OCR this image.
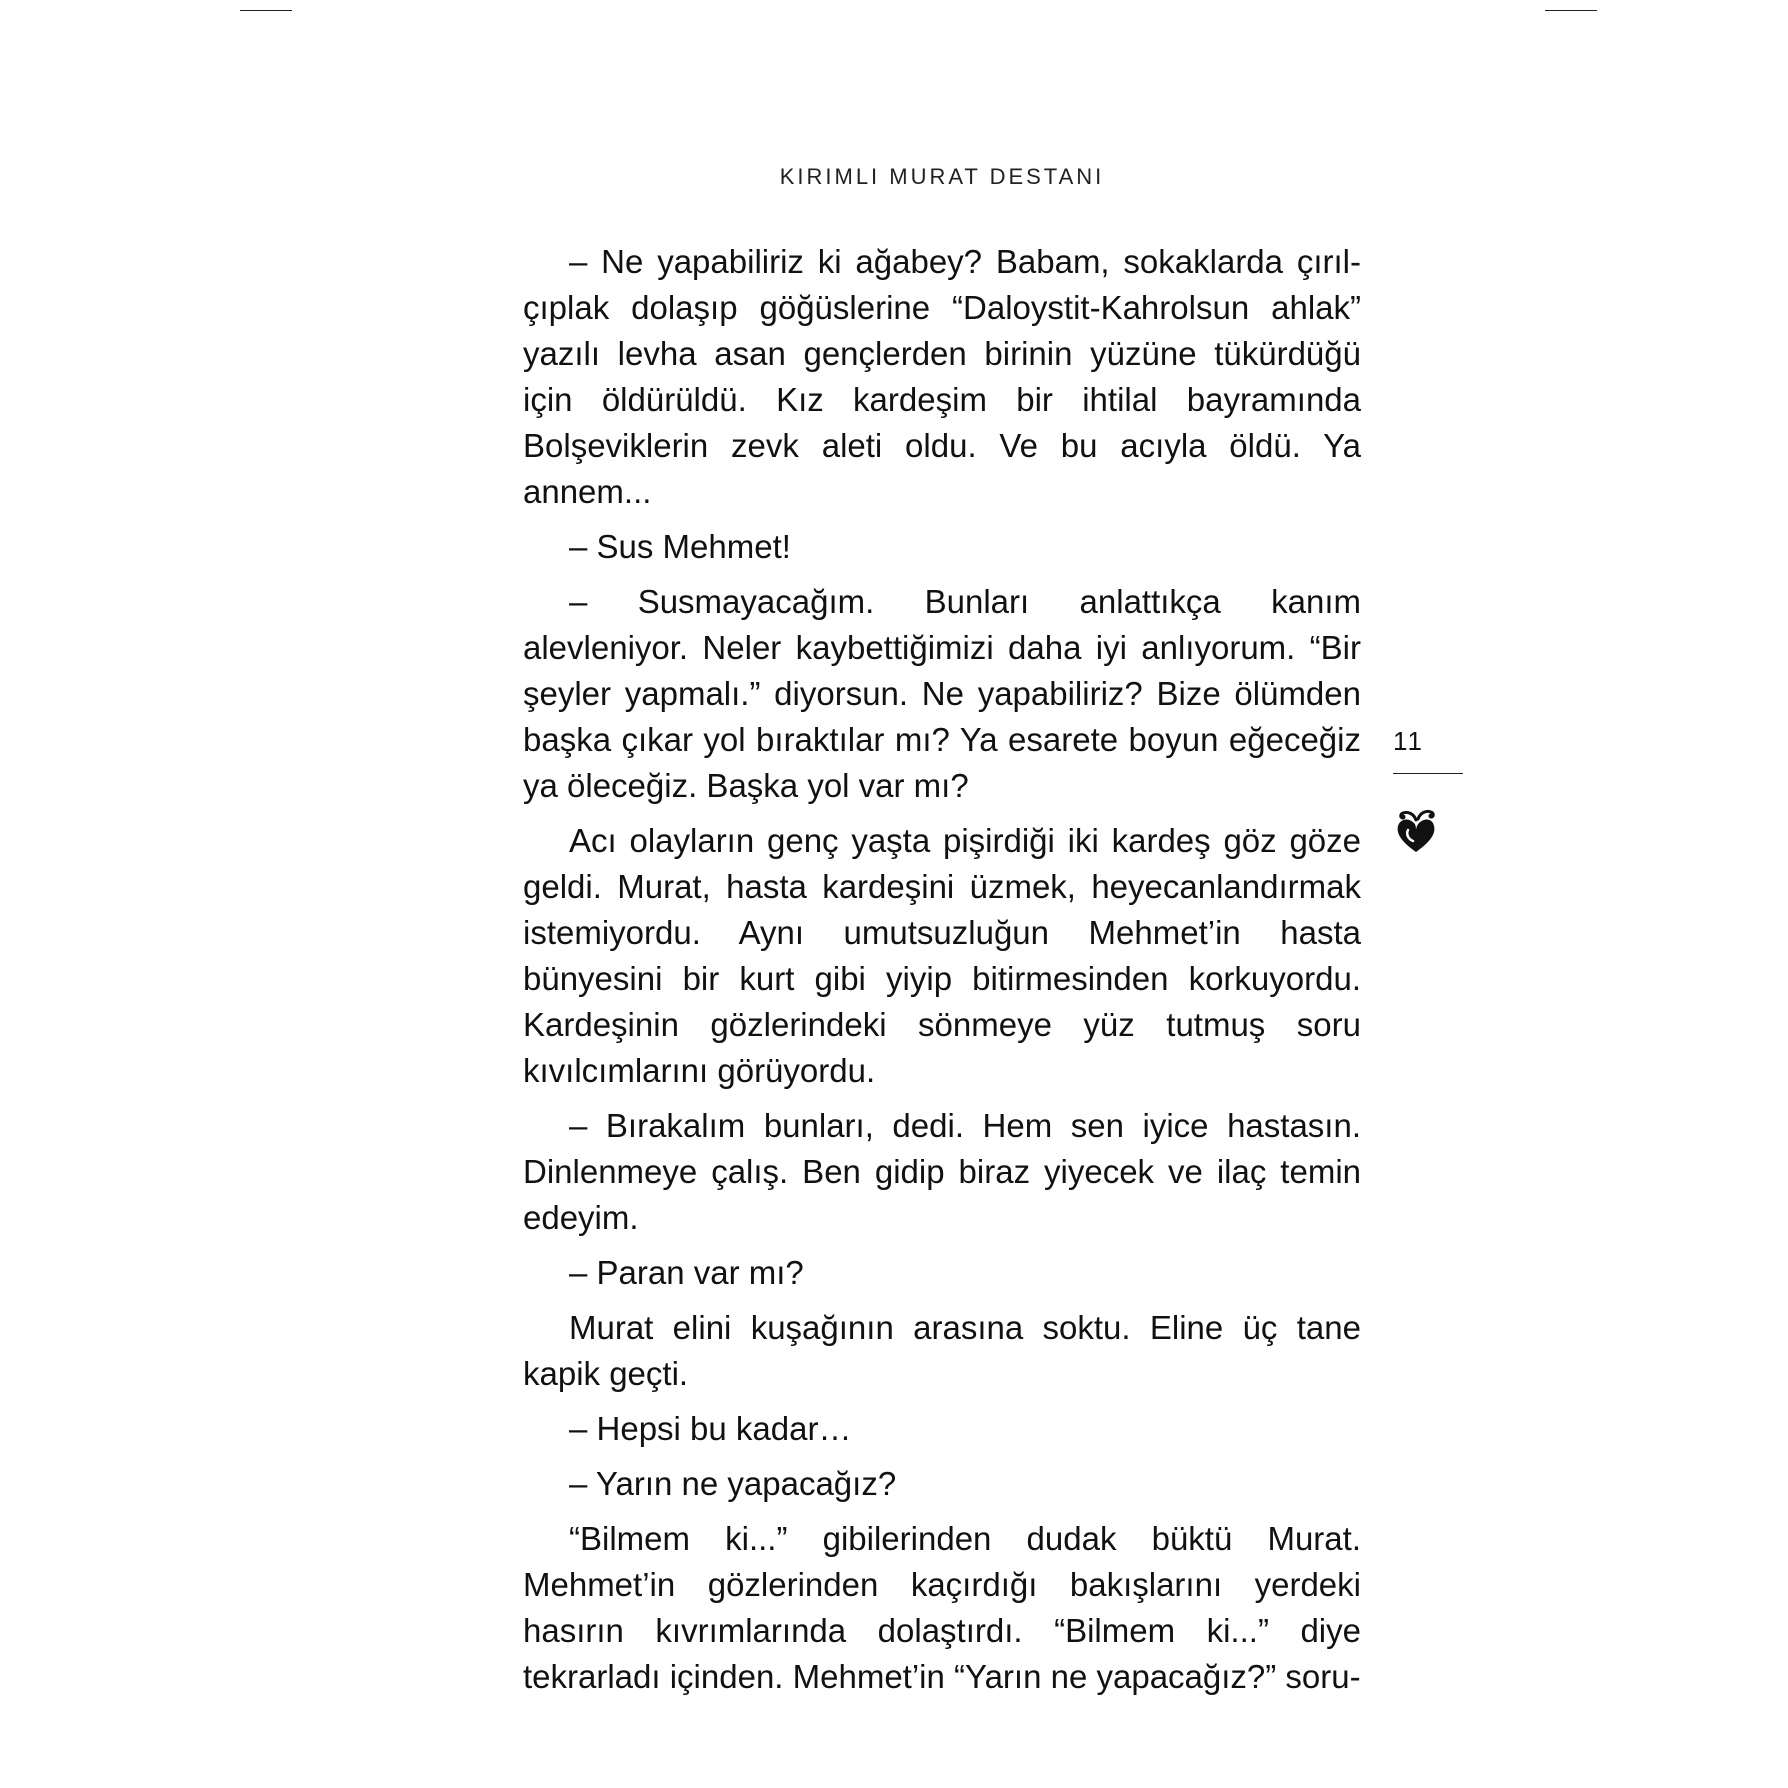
KIRIMLI MURAT DESTANI

– Ne yapabiliriz ki ağabey? Babam, sokaklarda çırıl-çıplak dolaşıp göğüslerine “Daloystit-Kahrolsun ahlak” yazılı levha asan gençlerden birinin yüzüne tükürdüğü için öldürüldü. Kız kardeşim bir ihtilal bayramında Bolşeviklerin zevk aleti oldu. Ve bu acıyla öldü. Ya annem...

– Sus Mehmet!

– Susmayacağım. Bunları anlattıkça kanım alevleniyor. Neler kaybettiğimizi daha iyi anlıyorum. “Bir şeyler yapmalı.” diyorsun. Ne yapabiliriz? Bize ölümden başka çıkar yol bıraktılar mı? Ya esarete boyun eğeceğiz ya öleceğiz. Başka yol var mı?

Acı olayların genç yaşta pişirdiği iki kardeş göz göze geldi. Murat, hasta kardeşini üzmek, heyecanlandırmak istemiyordu. Aynı umutsuzluğun Mehmet’in hasta bünyesini bir kurt gibi yiyip bitirmesinden korkuyordu. Kardeşinin gözlerindeki sönmeye yüz tutmuş soru kıvılcımlarını görüyordu.

– Bırakalım bunları, dedi. Hem sen iyice hastasın. Dinlenmeye çalış. Ben gidip biraz yiyecek ve ilaç temin edeyim.

– Paran var mı?

Murat elini kuşağının arasına soktu. Eline üç tane kapik geçti.

– Hepsi bu kadar…

– Yarın ne yapacağız?

“Bilmem ki...” gibilerinden dudak büktü Murat. Mehmet’in gözlerinden kaçırdığı bakışlarını yerdeki hasırın kıvrımlarında dolaştırdı. “Bilmem ki...” diye tekrarladı içinden. Mehmet’in “Yarın ne yapacağız?” soru-

11
